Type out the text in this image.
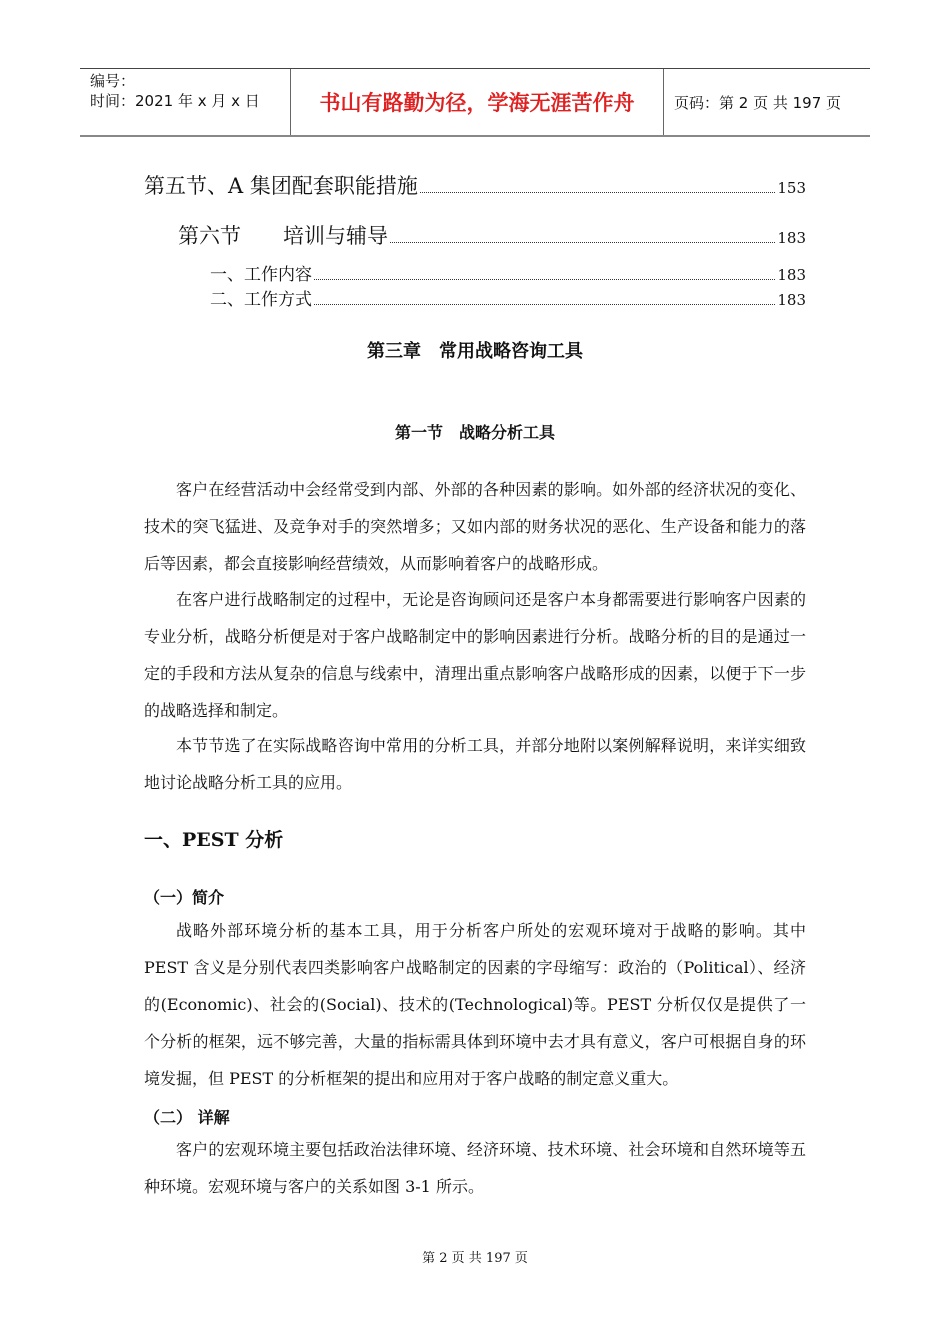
编号：
时间：2021 年 x 月 x 日	书山有路勤为径，学海无涯苦作舟	页码：第 2 页 共 197 页
第五节、A 集团配套职能措施	153
第六节　　培训与辅导	183
一、工作内容	183
二、工作方式	183
第三章　常用战略咨询工具
第一节　战略分析工具

客户在经营活动中会经常受到内部、外部的各种因素的影响。如外部的经济状况的变化、技术的突飞猛进、及竞争对手的突然增多；又如内部的财务状况的恶化、生产设备和能力的落后等因素，都会直接影响经营绩效，从而影响着客户的战略形成。

在客户进行战略制定的过程中，无论是咨询顾问还是客户本身都需要进行影响客户因素的专业分析，战略分析便是对于客户战略制定中的影响因素进行分析。战略分析的目的是通过一定的手段和方法从复杂的信息与线索中，清理出重点影响客户战略形成的因素，以便于下一步的战略选择和制定。

本节节选了在实际战略咨询中常用的分析工具，并部分地附以案例解释说明，来详实细致地讨论战略分析工具的应用。

一、PEST 分析
（一）简介

战略外部环境分析的基本工具，用于分析客户所处的宏观环境对于战略的影响。其中PEST 含义是分别代表四类影响客户战略制定的因素的字母缩写：政治的（Political）、经济的(Economic)、社会的(Social)、技术的(Technological)等。PEST 分析仅仅是提供了一个分析的框架，远不够完善，大量的指标需具体到环境中去才具有意义，客户可根据自身的环境发掘，但 PEST 的分析框架的提出和应用对于客户战略的制定意义重大。

（二） 详解

客户的宏观环境主要包括政治法律环境、经济环境、技术环境、社会环境和自然环境等五种环境。宏观环境与客户的关系如图 3-1 所示。

第 2 页 共 197 页
